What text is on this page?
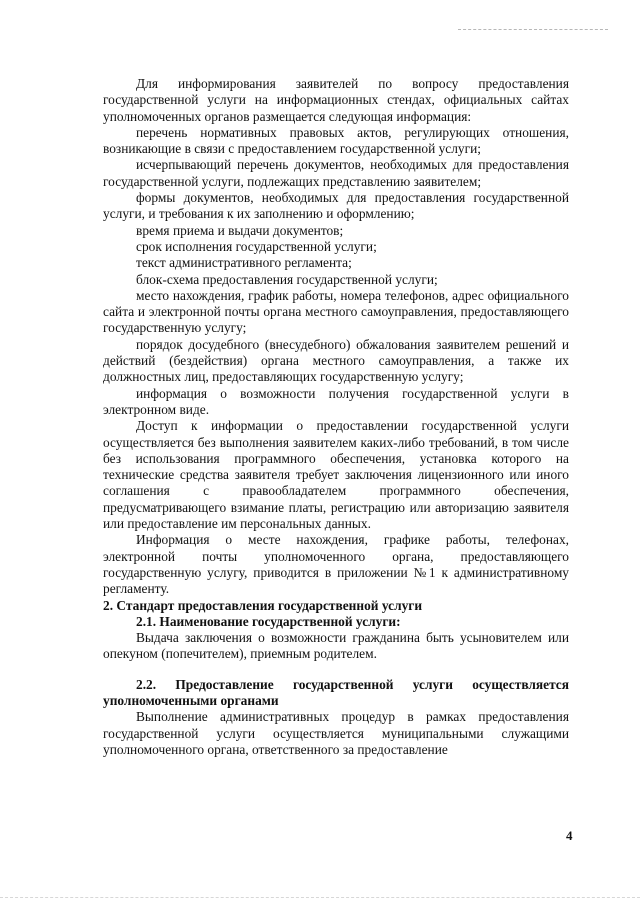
Для информирования заявителей по вопросу предоставления государственной услуги на информационных стендах, официальных сайтах уполномоченных органов размещается следующая информация:

перечень нормативных правовых актов, регулирующих отношения, возникающие в связи с предоставлением государственной услуги;

исчерпывающий перечень документов, необходимых для предоставления государственной услуги, подлежащих представлению заявителем;

формы документов, необходимых для предоставления государственной услуги, и требования к их заполнению и оформлению;

время приема и выдачи документов;

срок исполнения государственной услуги;

текст административного регламента;

блок-схема предоставления государственной услуги;

место нахождения, график работы, номера телефонов, адрес официального сайта и электронной почты органа местного самоуправления, предоставляющего государственную услугу;

порядок досудебного (внесудебного) обжалования заявителем решений и действий (бездействия) органа местного самоуправления, а также их должностных лиц, предоставляющих государственную услугу;

информация о возможности получения государственной услуги в электронном виде.

Доступ к информации о предоставлении государственной услуги осуществляется без выполнения заявителем каких-либо требований, в том числе без использования программного обеспечения, установка которого на технические средства заявителя требует заключения лицензионного или иного соглашения с правообладателем программного обеспечения, предусматривающего взимание платы, регистрацию или авторизацию заявителя или предоставление им персональных данных.

Информация о месте нахождения, графике работы, телефонах, электронной почты уполномоченного органа, предоставляющего государственную услугу, приводится в приложении №1 к административному регламенту.

2. Стандарт предоставления государственной услуги

2.1. Наименование государственной услуги:

Выдача заключения о возможности гражданина быть усыновителем или опекуном (попечителем), приемным родителем.

2.2. Предоставление государственной услуги осуществляется уполномоченными органами

Выполнение административных процедур в рамках предоставления государственной услуги осуществляется муниципальными служащими уполномоченного органа, ответственного за предоставление

4
